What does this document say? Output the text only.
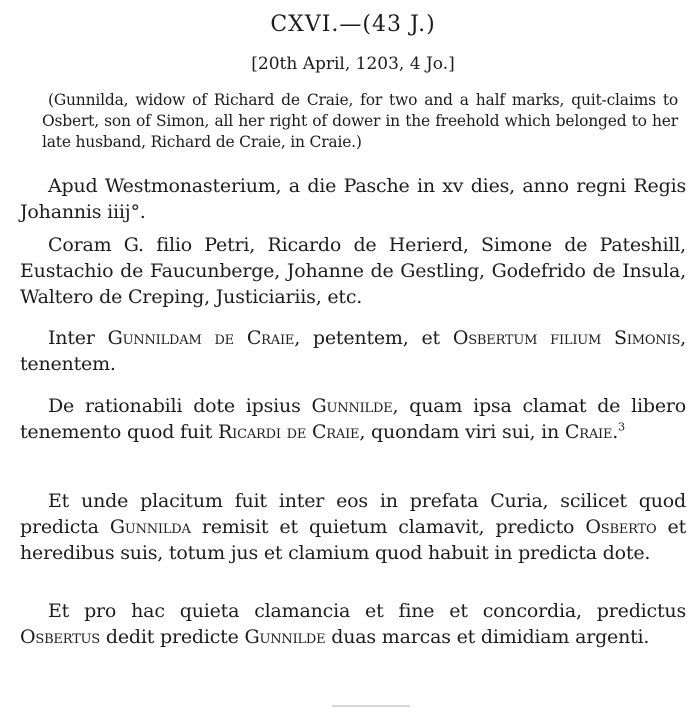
CXVI.—(43 J.)
[20th April, 1203, 4 Jo.]
(Gunnilda, widow of Richard de Craie, for two and a half marks, quit-claims to Osbert, son of Simon, all her right of dower in the freehold which belonged to her late husband, Richard de Craie, in Craie.)
Apud Westmonasterium, a die Pasche in xv dies, anno regni Regis Johannis iiij°.
Coram G. filio Petri, Ricardo de Herierd, Simone de Pateshill, Eustachio de Faucunberge, Johanne de Gestling, Godefrido de Insula, Waltero de Creping, Justiciariis, etc.
Inter Gunnildam de Craie, petentem, et Osbertum filium Simonis, tenentem.
De rationabili dote ipsius Gunnilde, quam ipsa clamat de libero tenemento quod fuit Ricardi de Craie, quondam viri sui, in Craie.$^3$
Et unde placitum fuit inter eos in prefata Curia, scilicet quod predicta Gunnilda remisit et quietum clamavit, predicto Osberto et heredibus suis, totum jus et clamium quod habuit in predicta dote.
Et pro hac quieta clamancia et fine et concordia, predictus Osbertus dedit predicte Gunnilde duas marcas et dimidiam argenti.
